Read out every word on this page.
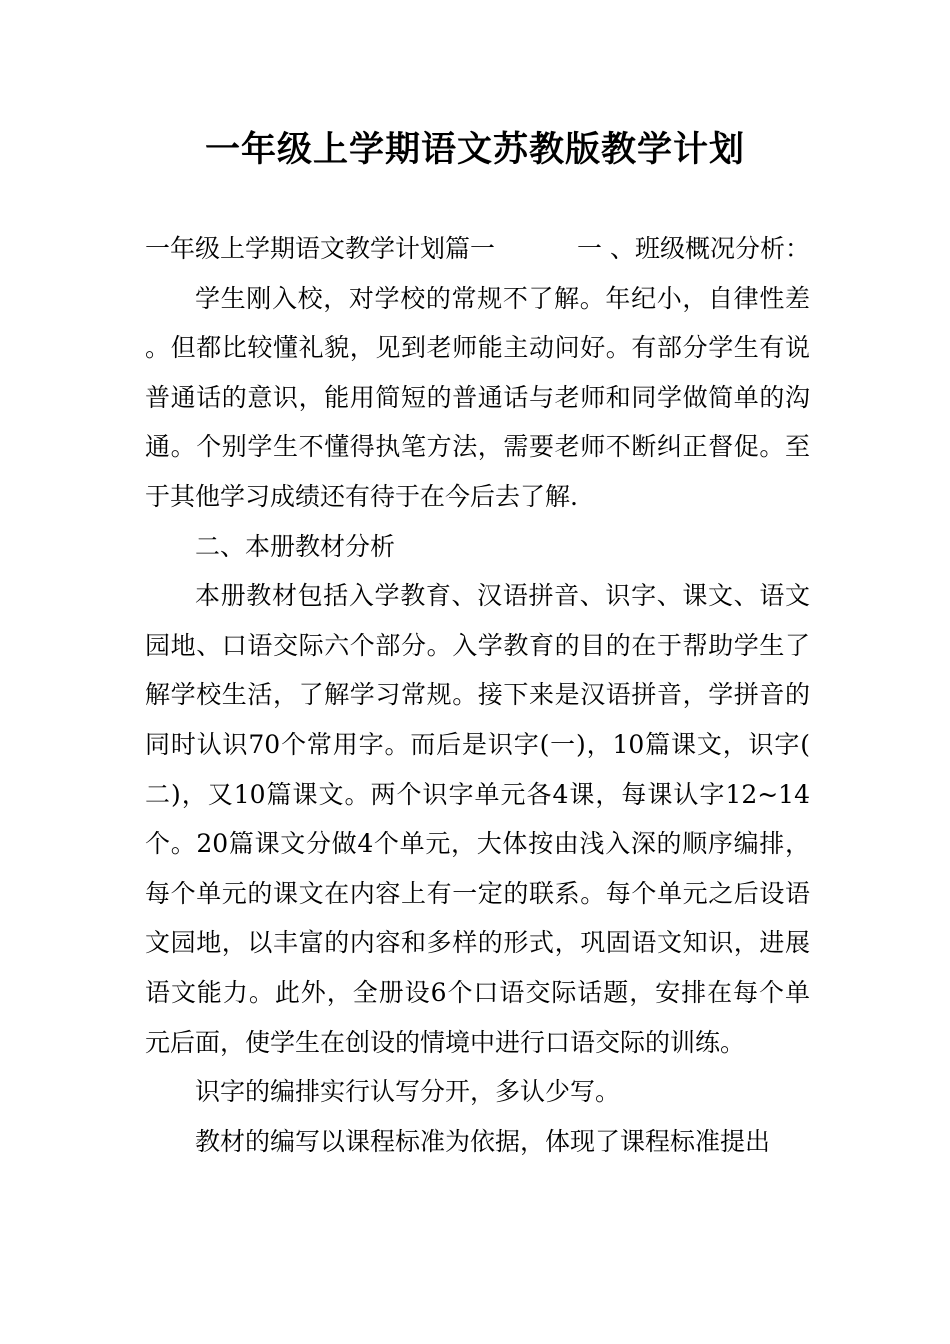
一年级上学期语文苏教版教学计划

一年级上学期语文教学计划篇一	一 、班级概况分析：

学生刚入校，对学校的常规不了解。年纪小，自律性差。但都比较懂礼貌，见到老师能主动问好。有部分学生有说普通话的意识，能用简短的普通话与老师和同学做简单的沟通。个别学生不懂得执笔方法，需要老师不断纠正督促。至于其他学习成绩还有待于在今后去了解.

二、本册教材分析

本册教材包括入学教育、汉语拼音、识字、课文、语文园地、口语交际六个部分。入学教育的目的在于帮助学生了解学校生活，了解学习常规。接下来是汉语拼音，学拼音的同时认识70个常用字。而后是识字(一)，10篇课文，识字(二)，又10篇课文。两个识字单元各4课，每课认字12~14个。20篇课文分做4个单元，大体按由浅入深的顺序编排，每个单元的课文在内容上有一定的联系。每个单元之后设语文园地，以丰富的内容和多样的形式，巩固语文知识，进展语文能力。此外，全册设6个口语交际话题，安排在每个单元后面，使学生在创设的情境中进行口语交际的训练。

识字的编排实行认写分开，多认少写。

教材的编写以课程标准为依据，体现了课程标准提出
